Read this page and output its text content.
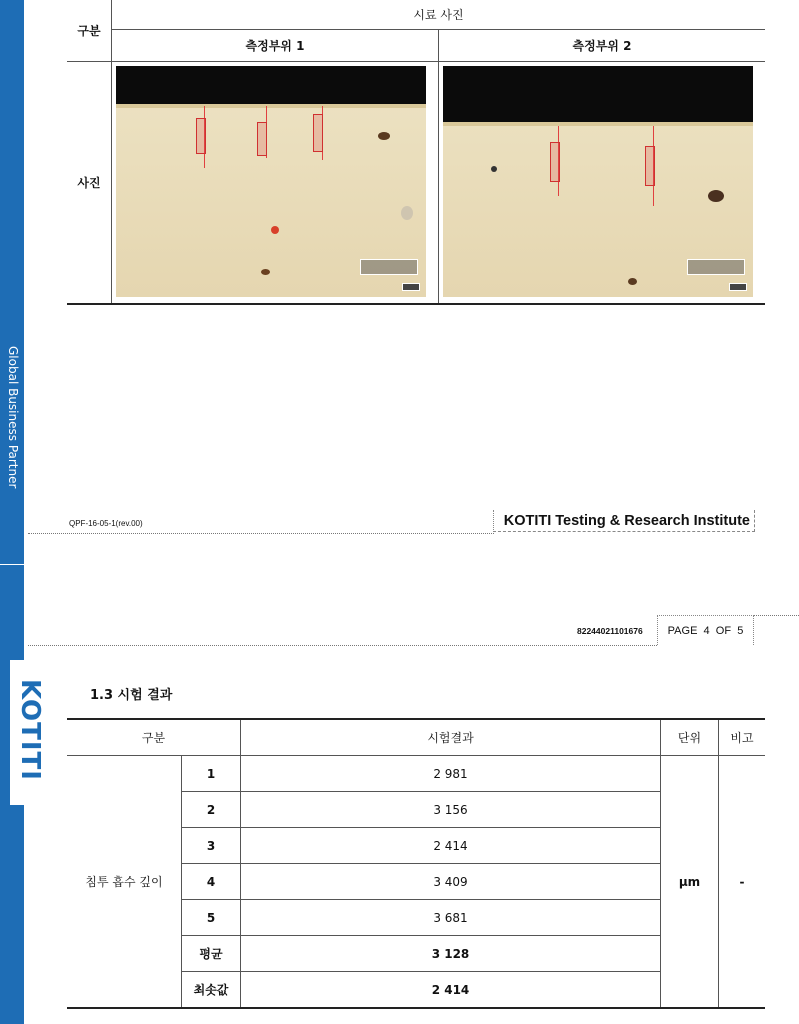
Global Business Partner
KOTITI
구분	시료 사진	
	측정부위 1	측정부위 2
사진	

QPF-16-05-1(rev.00)	KOTITI Testing & Research Institute
82244021101676	PAGE 4 OF 5
1.3 시험 결과
구분		시험결과	단위	비고
침투 흡수 깊이	1	2 981	μm	-
	2	3 156		
	3	2 414		
	4	3 409		
	5	3 681		
	평균	3 128		
	최솟값	2 414		
